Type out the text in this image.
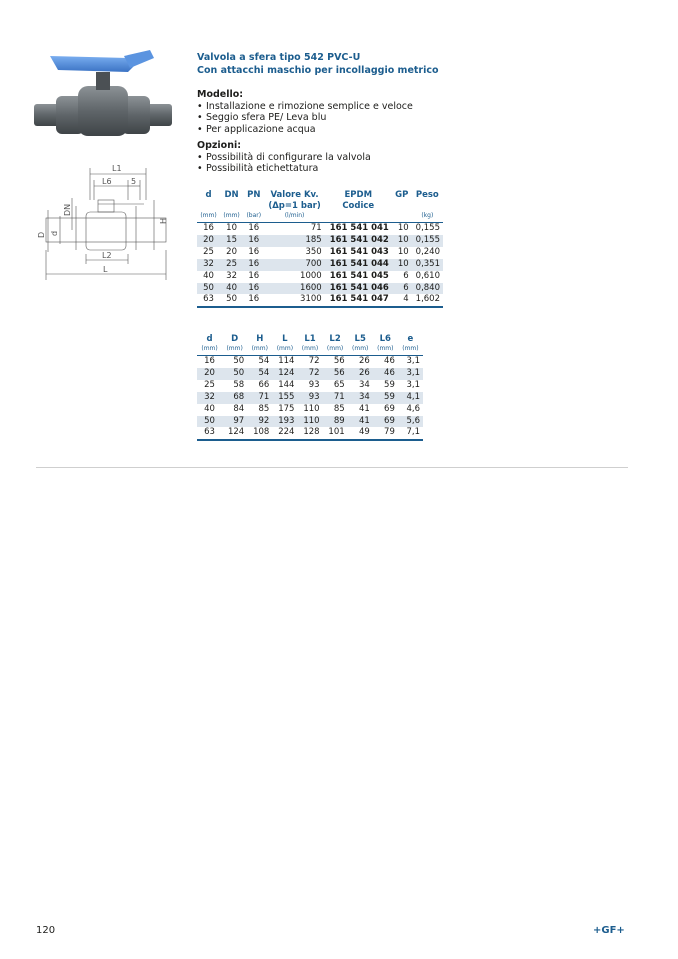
L1
L6 5
DN
D d
H
L2
L
Valvola a sfera tipo 542 PVC-U
Con attacchi maschio per incollaggio metrico
Modello:
• Installazione e rimozione semplice e veloce
• Seggio sfera PE/ Leva blu
• Per applicazione acqua
Opzioni:
• Possibilità di configurare la valvola
• Possibilità etichettatura
d	DN	PN	Valore Kv.	EPDM	GP	Peso
			(Δp=1 bar)	Codice		
(mm)	(mm)	(bar)	(l/min)			(kg)
16	10	16	71	161 541 041	10	0,155
20	15	16	185	161 541 042	10	0,155
25	20	16	350	161 541 043	10	0,240
32	25	16	700	161 541 044	10	0,351
40	32	16	1000	161 541 045	6	0,610
50	40	16	1600	161 541 046	6	0,840
63	50	16	3100	161 541 047	4	1,602
d	D	H	L	L1	L2	L5	L6	e
(mm)	(mm)	(mm)	(mm)	(mm)	(mm)	(mm)	(mm)	(mm)
16	50	54	114	72	56	26	46	3,1
20	50	54	124	72	56	26	46	3,1
25	58	66	144	93	65	34	59	3,1
32	68	71	155	93	71	34	59	4,1
40	84	85	175	110	85	41	69	4,6
50	97	92	193	110	89	41	69	5,6
63	124	108	224	128	101	49	79	7,1
120	+GF+
